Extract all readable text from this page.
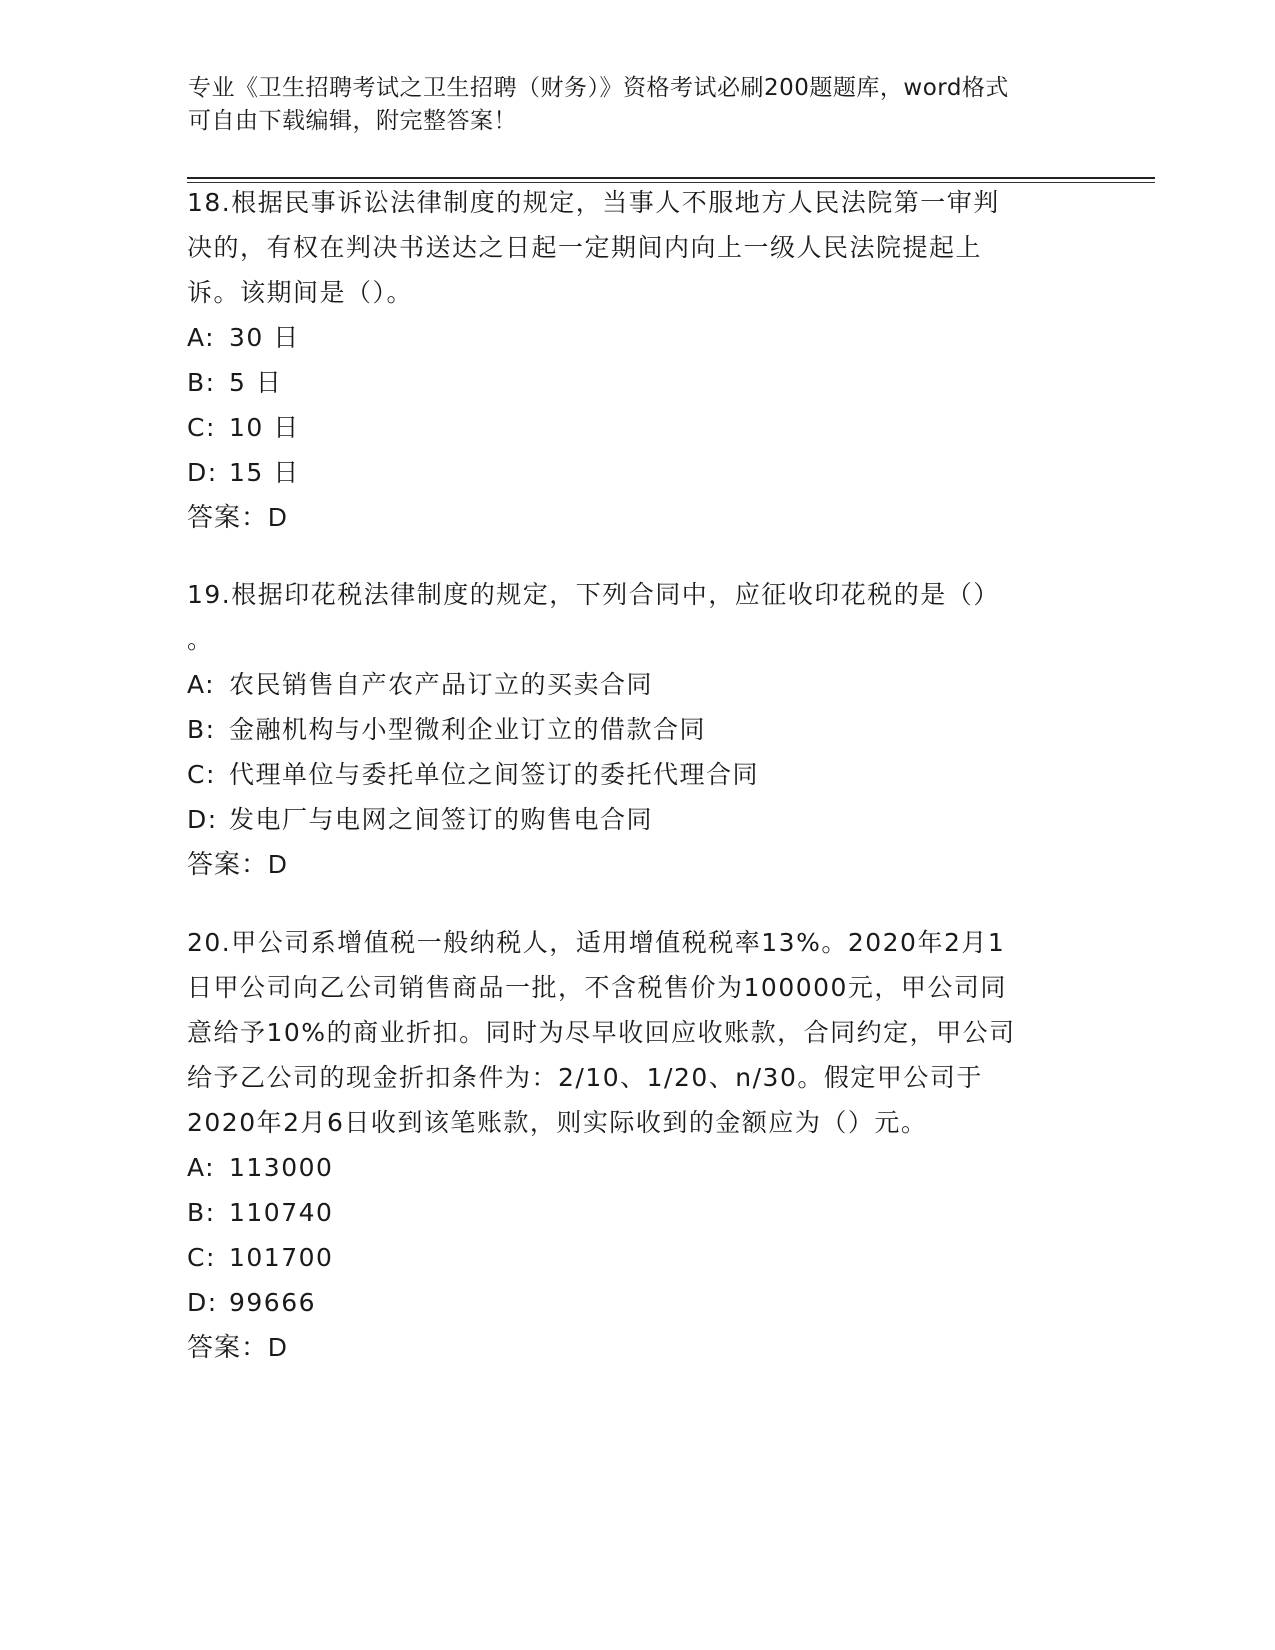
专业《卫生招聘考试之卫生招聘（财务）》资格考试必刷200题题库，word格式
可自由下载编辑，附完整答案！
18.根据民事诉讼法律制度的规定，当事人不服地方人民法院第一审判
决的，有权在判决书送达之日起一定期间内向上一级人民法院提起上
诉。该期间是（）。
A: 30 日
B: 5 日
C: 10 日
D: 15 日
答案：D
19.根据印花税法律制度的规定，下列合同中，应征收印花税的是（）
。
A: 农民销售自产农产品订立的买卖合同
B: 金融机构与小型微利企业订立的借款合同
C: 代理单位与委托单位之间签订的委托代理合同
D: 发电厂与电网之间签订的购售电合同
答案：D
20.甲公司系增值税一般纳税人，适用增值税税率13%。2020年2月1
日甲公司向乙公司销售商品一批，不含税售价为100000元，甲公司同
意给予10%的商业折扣。同时为尽早收回应收账款，合同约定，甲公司
给予乙公司的现金折扣条件为：2/10、1/20、n/30。假定甲公司于
2020年2月6日收到该笔账款，则实际收到的金额应为（）元。
A: 113000
B: 110740
C: 101700
D: 99666
答案：D
